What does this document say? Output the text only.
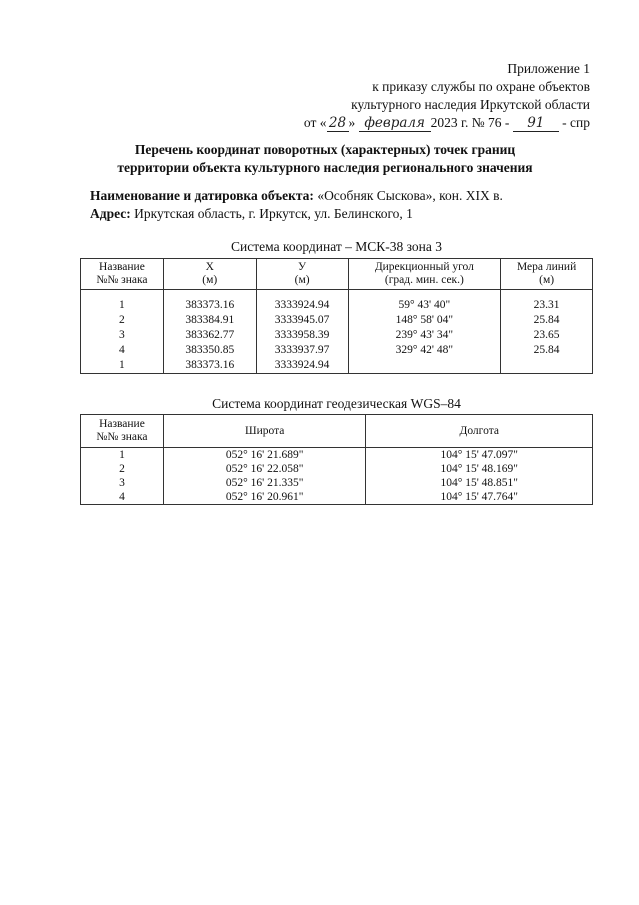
Приложение 1
к приказу службы по охране объектов
культурного наследия Иркутской области
от « 28 » февраля 2023 г. № 76 - 91 - спр
Перечень координат поворотных (характерных) точек границ
территории объекта культурного наследия регионального значения
Наименование и датировка объекта: «Особняк Сыскова», кон. XIX в.
Адрес: Иркутская область, г. Иркутск, ул. Белинского, 1
Система координат – МСК-38 зона 3
Название
№№ знака	X
(м)	У
(м)	Дирекционный угол
(град. мин. сек.)	Мера линий
(м)

1	383373.16	3333924.94	59° 43' 40"	23.31
2	383384.91	3333945.07	148° 58' 04"	25.84
3	383362.77	3333958.39	239° 43' 34"	23.65
4	383350.85	3333937.97	329° 42' 48"	25.84
1	383373.16	3333924.94		
Система координат геодезическая WGS–84
Название
№№ знака	Широта	Долгота
1	052° 16' 21.689"	104° 15' 47.097"
2	052° 16' 22.058"	104° 15' 48.169"
3	052° 16' 21.335"	104° 15' 48.851"
4	052° 16' 20.961"	104° 15' 47.764"
